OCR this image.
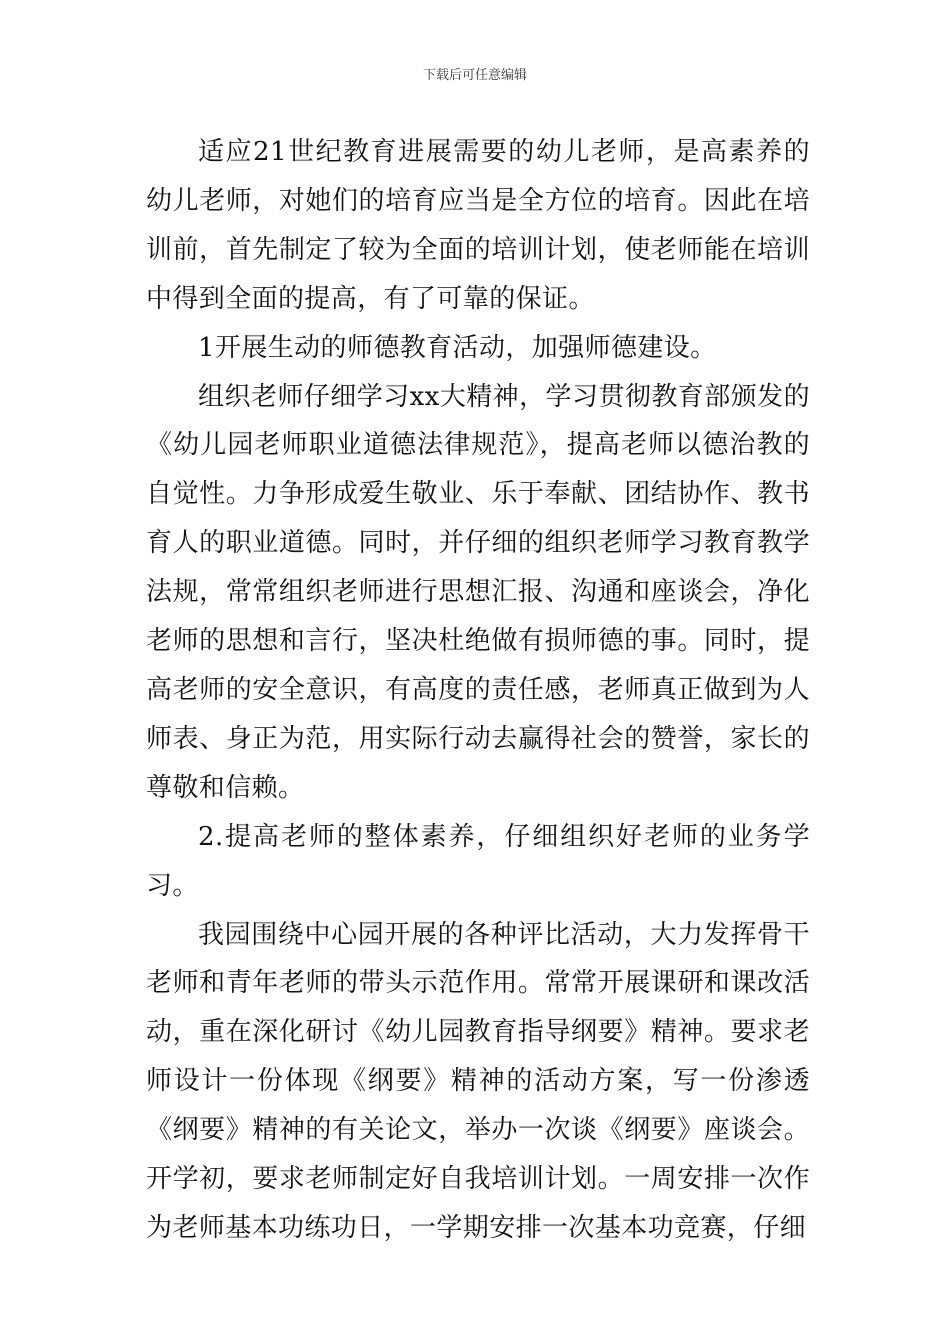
下载后可任意编辑

适应21世纪教育进展需要的幼儿老师，是高素养的幼儿老师，对她们的培育应当是全方位的培育。因此在培训前，首先制定了较为全面的培训计划，使老师能在培训中得到全面的提高，有了可靠的保证。

1开展生动的师德教育活动，加强师德建设。

组织老师仔细学习xx大精神，学习贯彻教育部颁发的《幼儿园老师职业道德法律规范》，提高老师以德治教的自觉性。力争形成爱生敬业、乐于奉献、团结协作、教书育人的职业道德。同时，并仔细的组织老师学习教育教学法规，常常组织老师进行思想汇报、沟通和座谈会，净化老师的思想和言行，坚决杜绝做有损师德的事。同时，提高老师的安全意识，有高度的责任感，老师真正做到为人师表、身正为范，用实际行动去赢得社会的赞誉，家长的尊敬和信赖。

2.提高老师的整体素养，仔细组织好老师的业务学习。

我园围绕中心园开展的各种评比活动，大力发挥骨干老师和青年老师的带头示范作用。常常开展课研和课改活动，重在深化研讨《幼儿园教育指导纲要》精神。要求老师设计一份体现《纲要》精神的活动方案，写一份渗透《纲要》精神的有关论文，举办一次谈《纲要》座谈会。开学初，要求老师制定好自我培训计划。一周安排一次作为老师基本功练功日，一学期安排一次基本功竞赛，仔细
